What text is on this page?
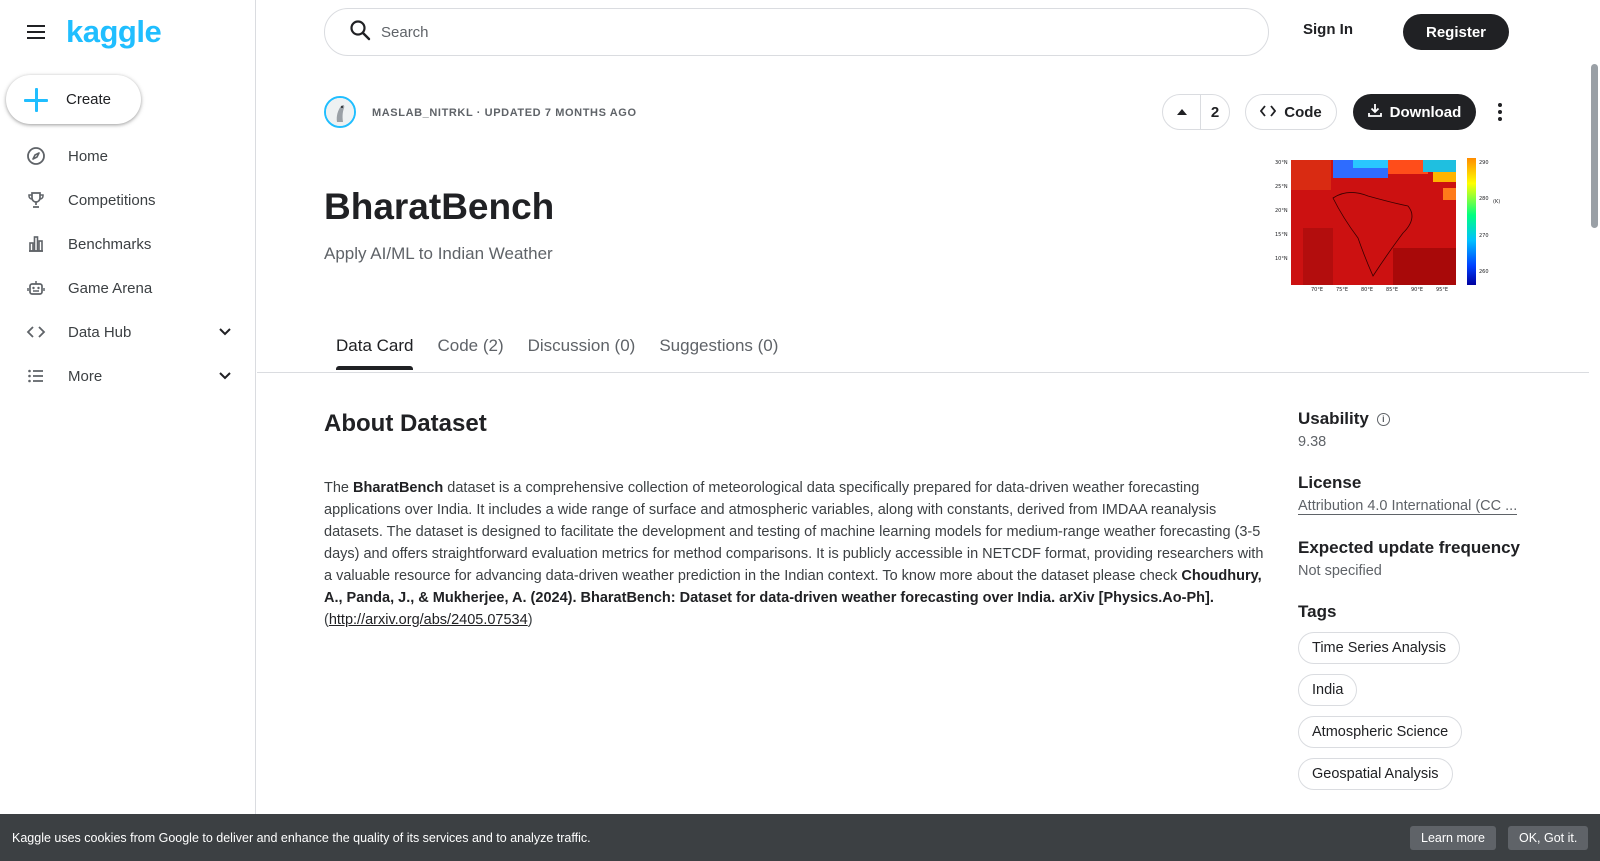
kaggle
Create
Home
Competitions
Benchmarks
Game Arena
Data Hub
More
Search	Sign In	Register
MASLAB_NITRKL · UPDATED 7 MONTHS AGO	2	Code	Download
BharatBench
Apply AI/ML to Indian Weather
30°N
25°N
20°N
15°N
10°N
70°E	75°E	80°E	85°E	90°E	95°E
290
280
270
260
(K)
Data Card Code (2) Discussion (0) Suggestions (0)
About Dataset
The BharatBench dataset is a comprehensive collection of meteorological data specifically prepared for data-driven weather forecasting applications over India. It includes a wide range of surface and atmospheric variables, along with constants, derived from IMDAA reanalysis datasets. The dataset is designed to facilitate the development and testing of machine learning models for medium-range weather forecasting (3-5 days) and offers straightforward evaluation metrics for method comparisons. It is publicly accessible in NETCDF format, providing researchers with a valuable resource for advancing data-driven weather prediction in the Indian context. To know more about the dataset please check Choudhury, A., Panda, J., & Mukherjee, A. (2024). BharatBench: Dataset for data-driven weather forecasting over India. arXiv [Physics.Ao-Ph]. (http://arxiv.org/abs/2405.07534)
Usability	i
9.38
License
Attribution 4.0 International (CC ...
Expected update frequency
Not specified
Tags
Time Series Analysis
India
Atmospheric Science
Geospatial Analysis
Kaggle uses cookies from Google to deliver and enhance the quality of its services and to analyze traffic.	Learn more	OK, Got it.
